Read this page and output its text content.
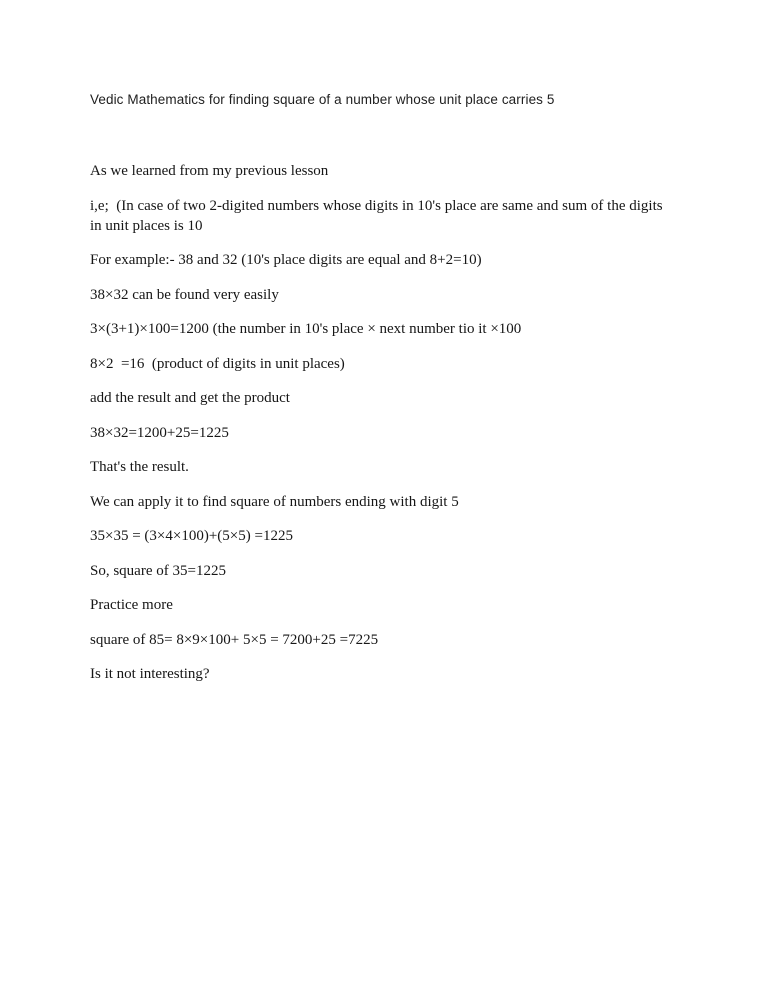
Vedic Mathematics for finding square of a number whose unit place carries 5

As we learned from my previous lesson

i,e;  (In case of two 2-digited numbers whose digits in 10's place are same and sum of the digits in unit places is 10

For example:- 38 and 32 (10's place digits are equal and 8+2=10)

38×32 can be found very easily

3×(3+1)×100=1200 (the number in 10's place × next number tio it ×100

8×2  =16  (product of digits in unit places)

add the result and get the product

38×32=1200+25=1225

That's the result.

We can apply it to find square of numbers ending with digit 5

35×35 = (3×4×100)+(5×5) =1225

So, square of 35=1225

Practice more

square of 85= 8×9×100+ 5×5 = 7200+25 =7225

Is it not interesting?
